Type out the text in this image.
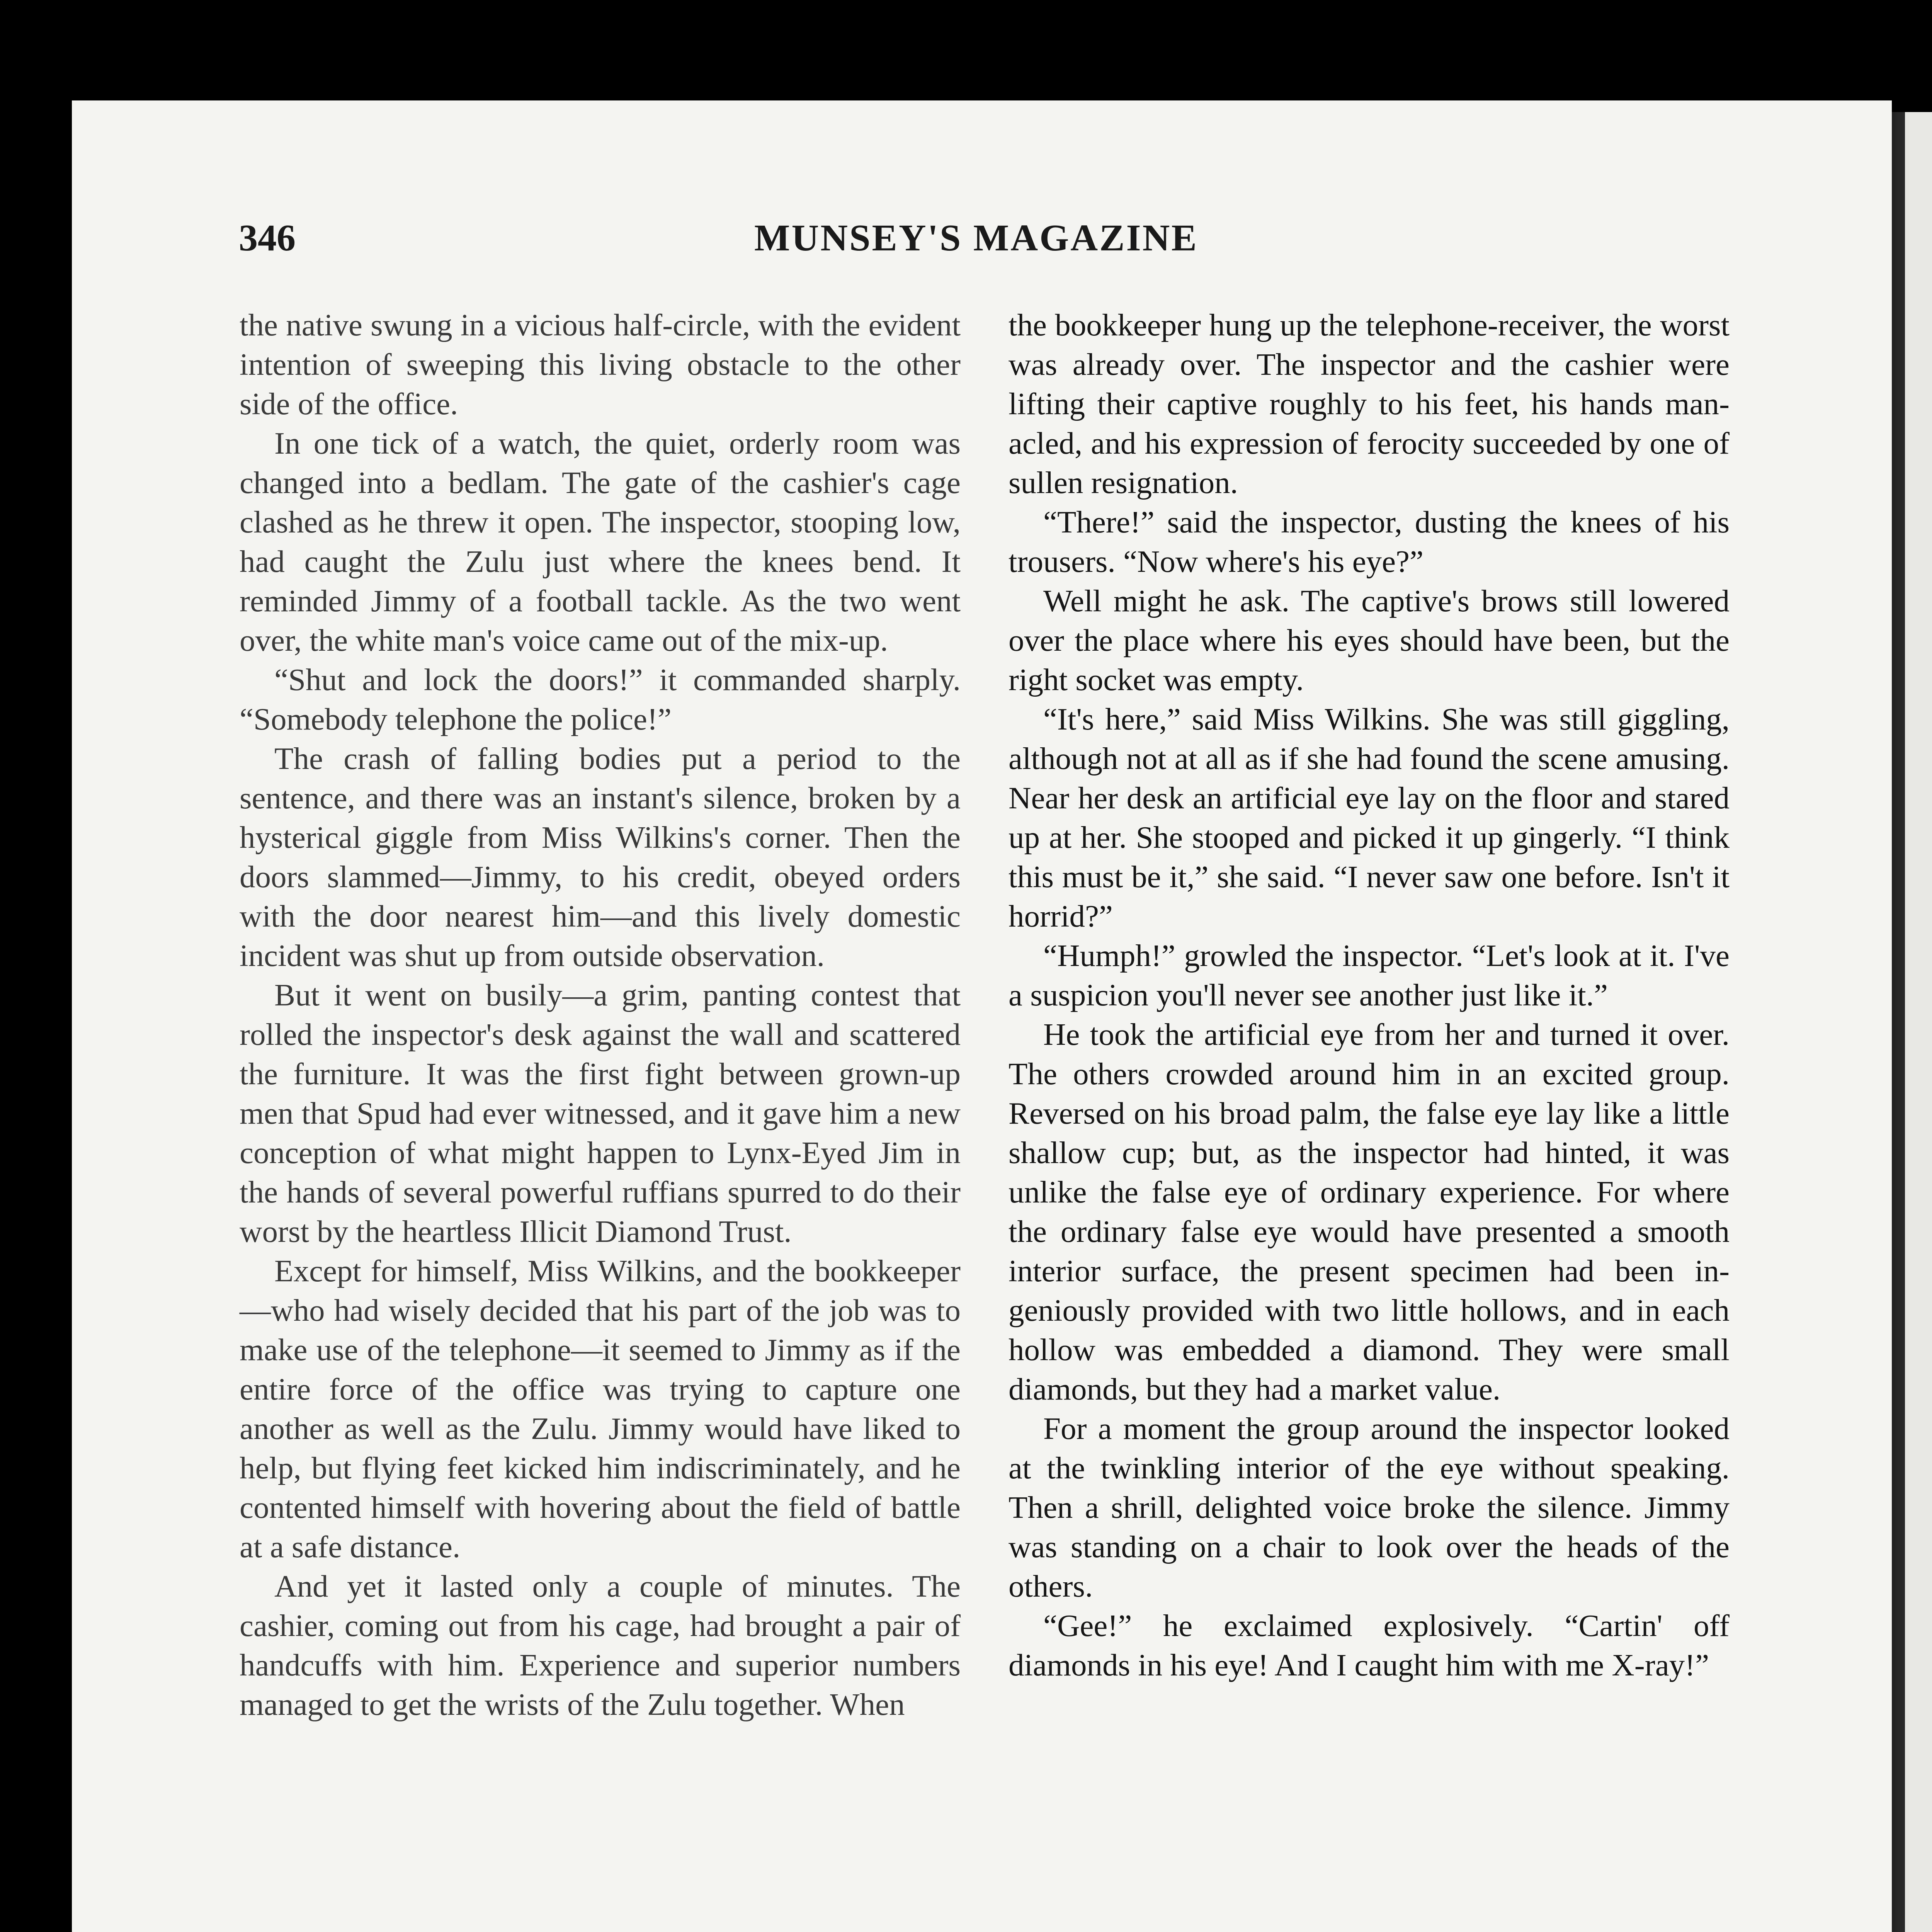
346	MUNSEY'S MAGAZINE

the native swung in a vicious half-circle, with the evident intention of sweeping this living obstacle to the other side of the office.

In one tick of a watch, the quiet, orderly room was changed into a bedlam. The gate of the cashier's cage clashed as he threw it open. The inspector, stooping low, had caught the Zulu just where the knees bend. It reminded Jimmy of a football tackle. As the two went over, the white man's voice came out of the mix-up.

“Shut and lock the doors!” it commanded sharply. “Somebody telephone the police!”

The crash of falling bodies put a period to the sentence, and there was an instant's silence, broken by a hysterical giggle from Miss Wilkins's corner. Then the doors slammed—Jimmy, to his credit, obeyed orders with the door nearest him—and this lively domestic incident was shut up from outside observation.

But it went on busily—a grim, panting contest that rolled the inspector's desk against the wall and scattered the furniture. It was the first fight between grown-up men that Spud had ever witnessed, and it gave him a new conception of what might happen to Lynx-Eyed Jim in the hands of several powerful ruffians spurred to do their worst by the heartless Illicit Diamond Trust.

Except for himself, Miss Wilkins, and the bookkeeper—who had wisely decided that his part of the job was to make use of the telephone—it seemed to Jimmy as if the entire force of the office was trying to capture one another as well as the Zulu. Jimmy would have liked to help, but flying feet kicked him indiscriminately, and he contented himself with hovering about the field of battle at a safe distance.

And yet it lasted only a couple of minutes. The cashier, coming out from his cage, had brought a pair of handcuffs with him. Experience and superior numbers managed to get the wrists of the Zulu together. When

the bookkeeper hung up the telephone-receiver, the worst was already over. The inspector and the cashier were lifting their captive roughly to his feet, his hands manacled, and his expression of ferocity succeeded by one of sullen resignation.

“There!” said the inspector, dusting the knees of his trousers. “Now where's his eye?”

Well might he ask. The captive's brows still lowered over the place where his eyes should have been, but the right socket was empty.

“It's here,” said Miss Wilkins. She was still giggling, although not at all as if she had found the scene amusing. Near her desk an artificial eye lay on the floor and stared up at her. She stooped and picked it up gingerly. “I think this must be it,” she said. “I never saw one before. Isn't it horrid?”

“Humph!” growled the inspector. “Let's look at it. I've a suspicion you'll never see another just like it.”

He took the artificial eye from her and turned it over. The others crowded around him in an excited group. Reversed on his broad palm, the false eye lay like a little shallow cup; but, as the inspector had hinted, it was unlike the false eye of ordinary experience. For where the ordinary false eye would have presented a smooth interior surface, the present specimen had been ingeniously provided with two little hollows, and in each hollow was embedded a diamond. They were small diamonds, but they had a market value.

For a moment the group around the inspector looked at the twinkling interior of the eye without speaking. Then a shrill, delighted voice broke the silence. Jimmy was standing on a chair to look over the heads of the others.

“Gee!” he exclaimed explosively. “Cartin' off diamonds in his eye! And I caught him with me X-ray!”
